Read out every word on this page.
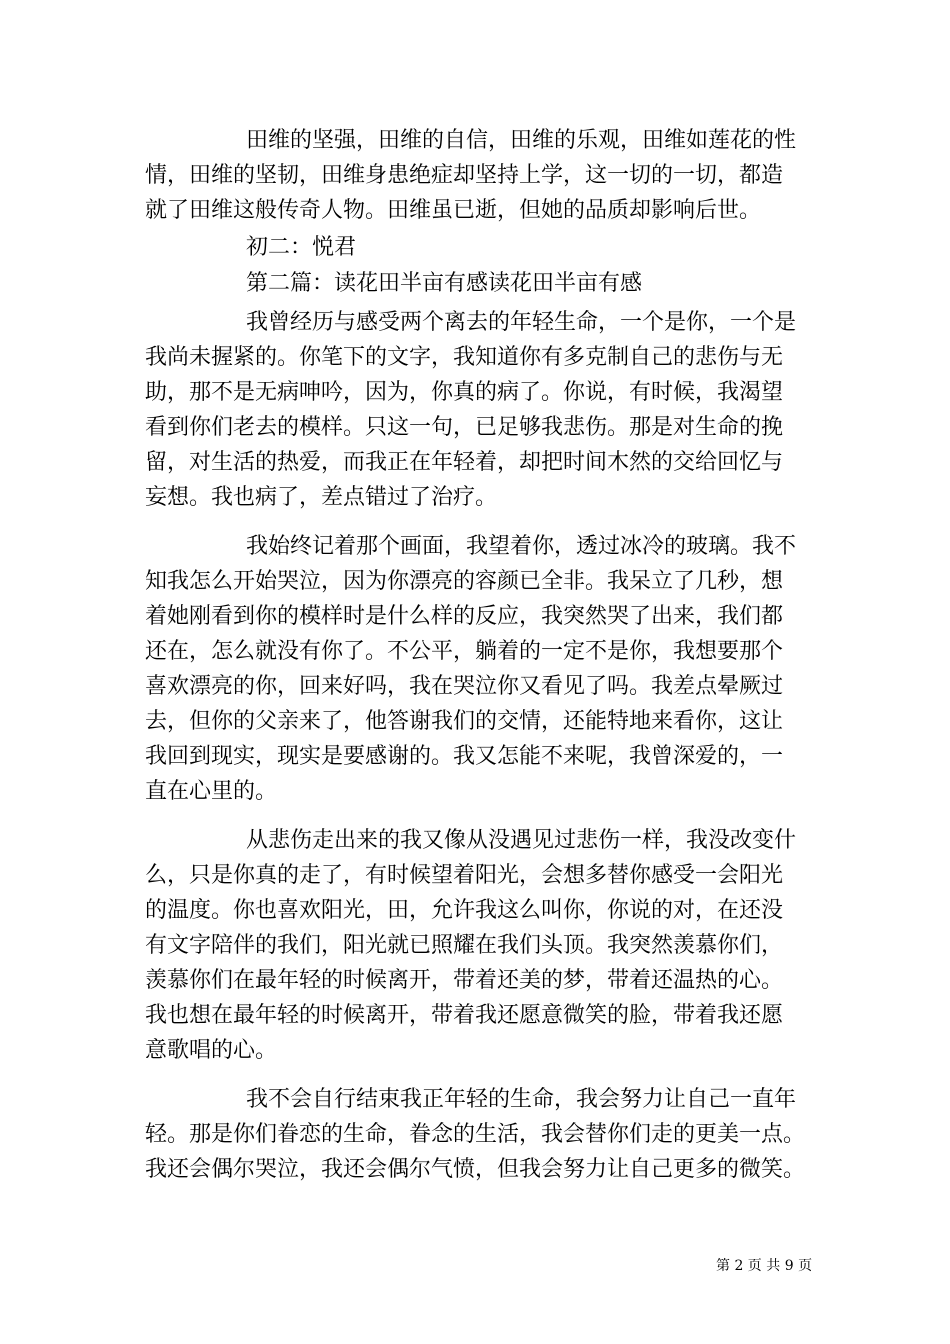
田维的坚强，田维的自信，田维的乐观，田维如莲花的性
情，田维的坚韧，田维身患绝症却坚持上学，这一切的一切，都造
就了田维这般传奇人物。田维虽已逝，但她的品质却影响后世。
初二：悦君
第二篇：读花田半亩有感读花田半亩有感
我曾经历与感受两个离去的年轻生命，一个是你，一个是
我尚未握紧的。你笔下的文字，我知道你有多克制自己的悲伤与无
助，那不是无病呻吟，因为，你真的病了。你说，有时候，我渴望
看到你们老去的模样。只这一句，已足够我悲伤。那是对生命的挽
留，对生活的热爱，而我正在年轻着，却把时间木然的交给回忆与
妄想。我也病了，差点错过了治疗。
我始终记着那个画面，我望着你，透过冰冷的玻璃。我不
知我怎么开始哭泣，因为你漂亮的容颜已全非。我呆立了几秒，想
着她刚看到你的模样时是什么样的反应，我突然哭了出来，我们都
还在，怎么就没有你了。不公平，躺着的一定不是你，我想要那个
喜欢漂亮的你，回来好吗，我在哭泣你又看见了吗。我差点晕厥过
去，但你的父亲来了，他答谢我们的交情，还能特地来看你，这让
我回到现实，现实是要感谢的。我又怎能不来呢，我曾深爱的，一
直在心里的。
从悲伤走出来的我又像从没遇见过悲伤一样，我没改变什
么，只是你真的走了，有时候望着阳光，会想多替你感受一会阳光
的温度。你也喜欢阳光，田，允许我这么叫你，你说的对，在还没
有文字陪伴的我们，阳光就已照耀在我们头顶。我突然羡慕你们，
羡慕你们在最年轻的时候离开，带着还美的梦，带着还温热的心。
我也想在最年轻的时候离开，带着我还愿意微笑的脸，带着我还愿
意歌唱的心。
我不会自行结束我正年轻的生命，我会努力让自己一直年
轻。那是你们眷恋的生命，眷念的生活，我会替你们走的更美一点。
我还会偶尔哭泣，我还会偶尔气愤，但我会努力让自己更多的微笑。
第 2 页 共 9 页
